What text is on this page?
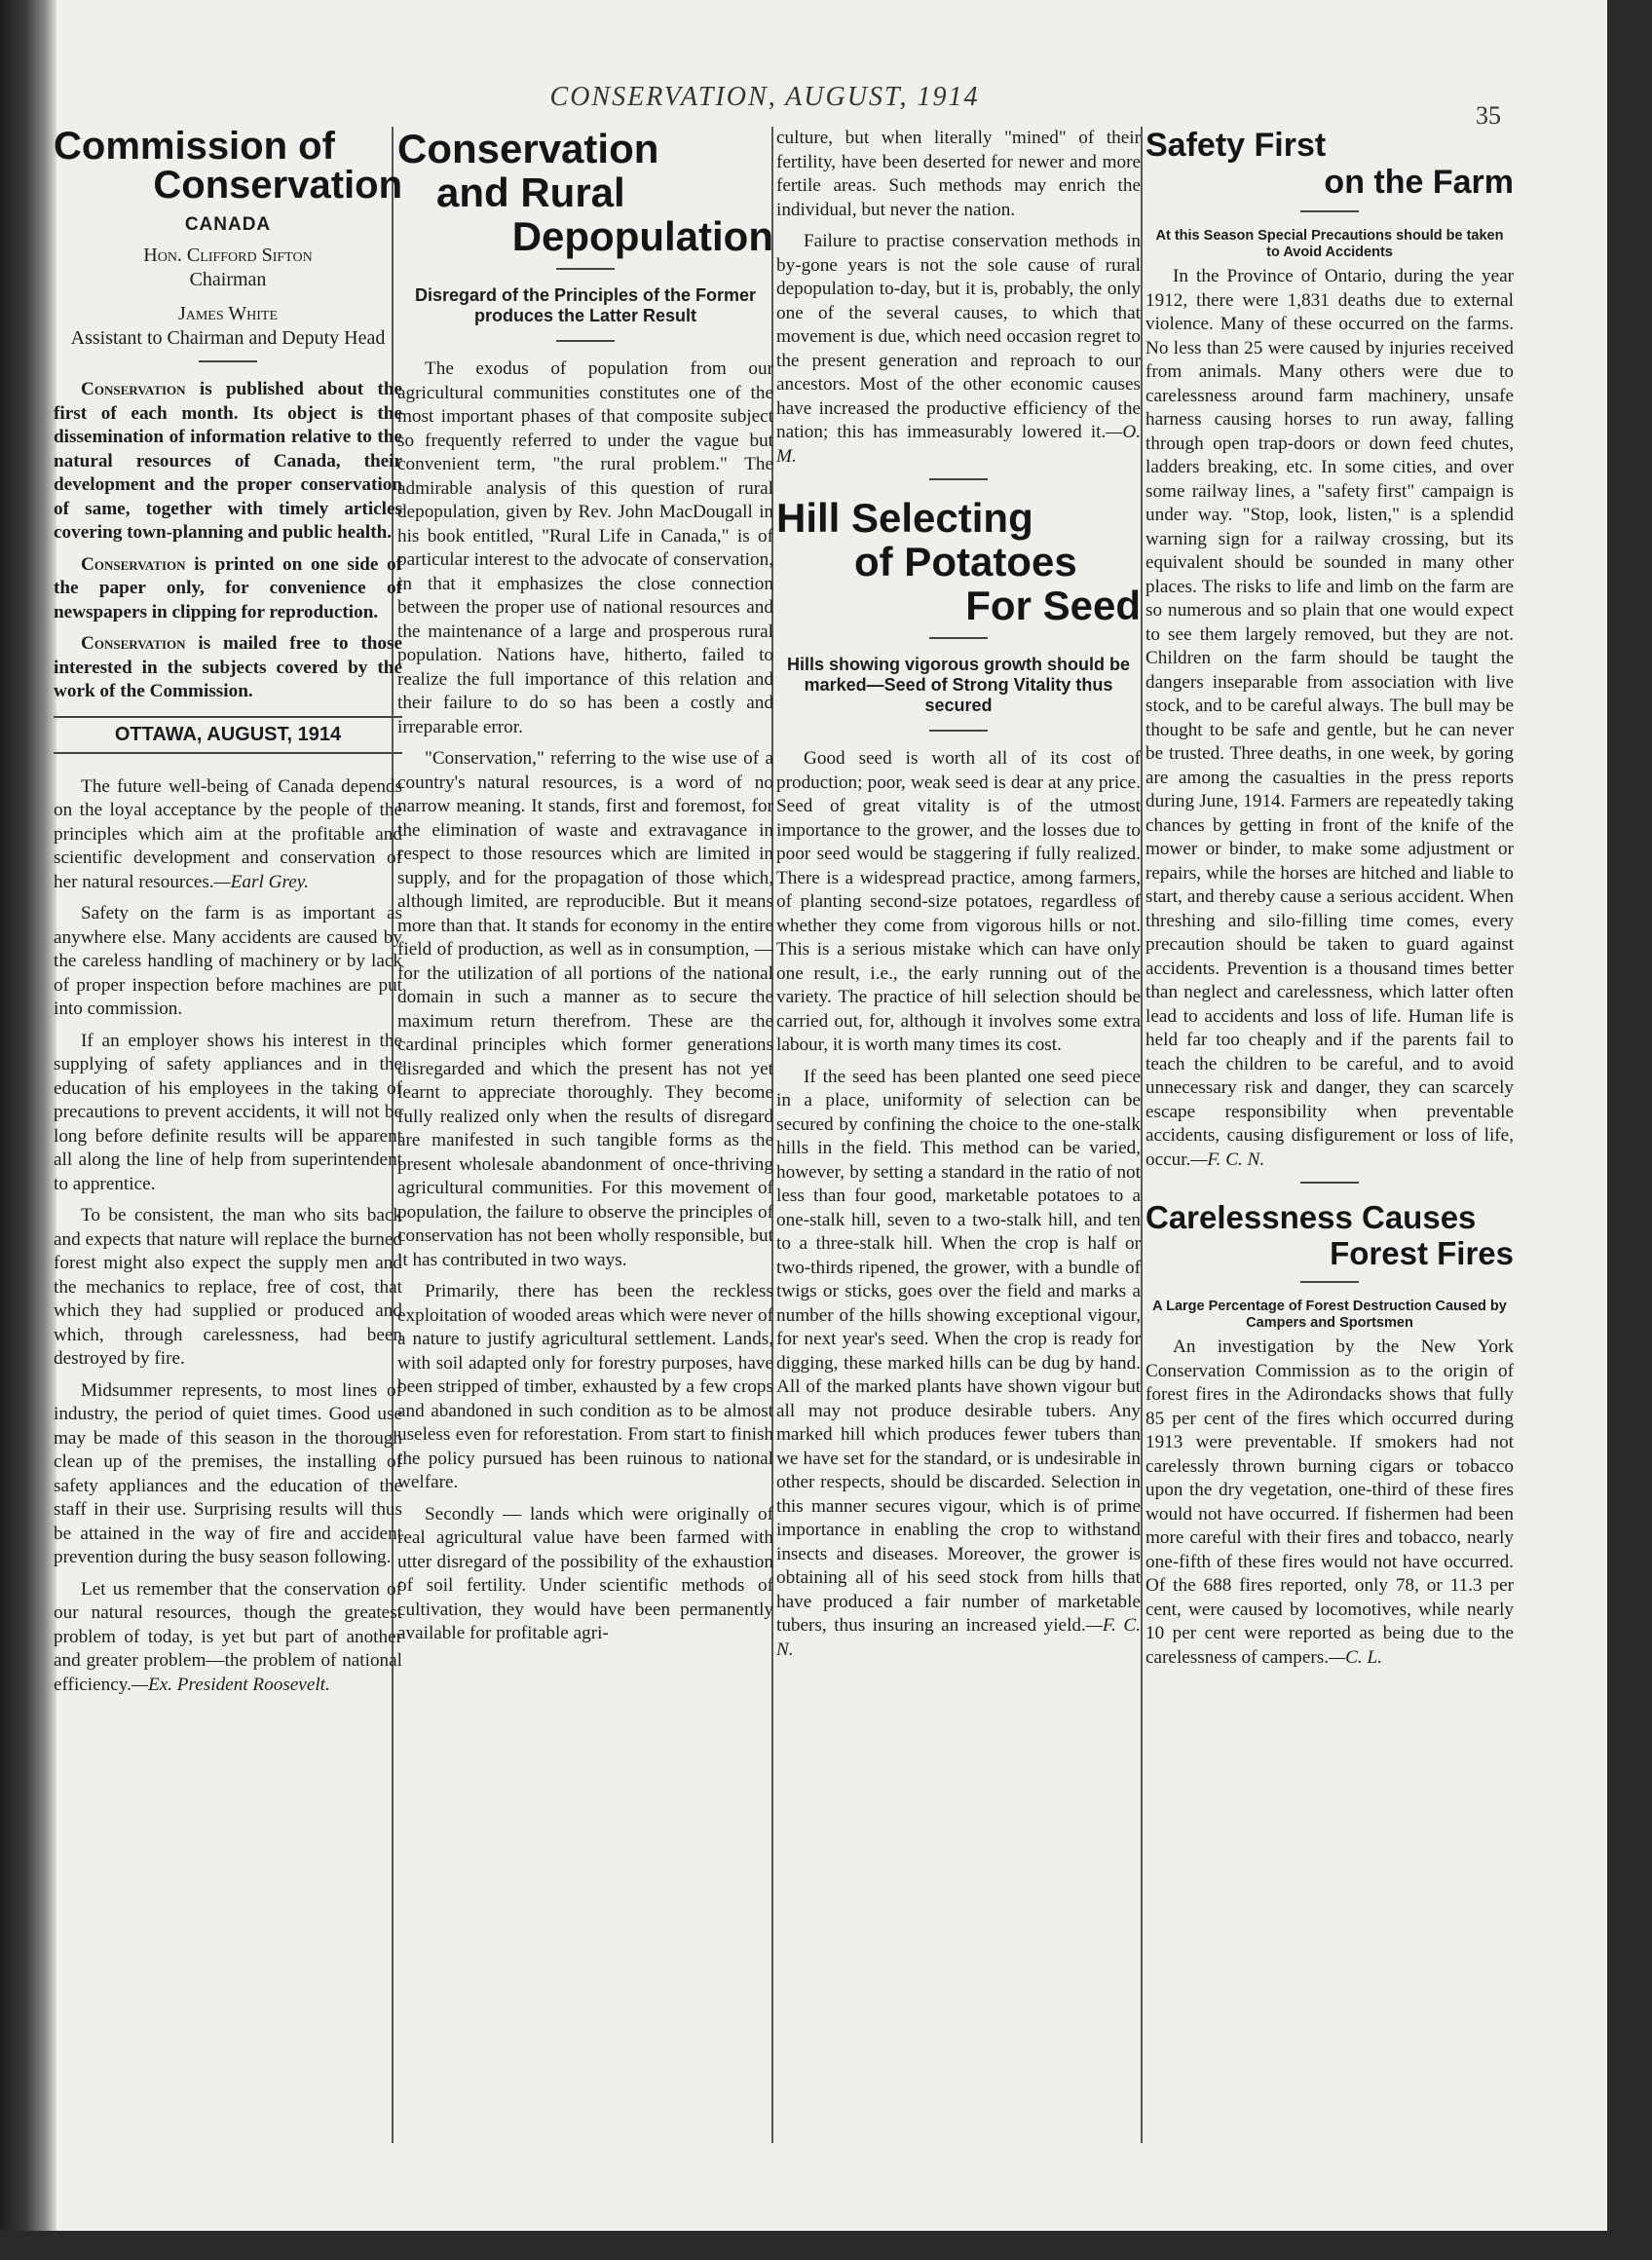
CONSERVATION, AUGUST, 1914
35
Commission of
Conservation
CANADA

Hon. Clifford Sifton

Chairman

James White

Assistant to Chairman and Deputy Head

Conservation is published about the first of each month. Its object is the dissemination of information relative to the natural resources of Canada, their development and the proper conservation of same, together with timely articles covering town-planning and public health.

Conservation is printed on one side of the paper only, for convenience of newspapers in clipping for reproduction.

Conservation is mailed free to those interested in the subjects covered by the work of the Commission.

OTTAWA, AUGUST, 1914

The future well-being of Canada depends on the loyal acceptance by the people of the principles which aim at the profitable and scientific development and conservation of her natural resources.—Earl Grey.

Safety on the farm is as important as anywhere else. Many accidents are caused by the careless handling of machinery or by lack of proper inspection before machines are put into commission.

If an employer shows his interest in the supplying of safety appliances and in the education of his employees in the taking of precautions to prevent accidents, it will not be long before definite results will be apparent all along the line of help from superintendent to apprentice.

To be consistent, the man who sits back and expects that nature will replace the burned forest might also expect the supply men and the mechanics to replace, free of cost, that which they had supplied or produced and which, through carelessness, had been destroyed by fire.

Midsummer represents, to most lines of industry, the period of quiet times. Good use may be made of this season in the thorough clean up of the premises, the installing of safety appliances and the education of the staff in their use. Surprising results will thus be attained in the way of fire and accident prevention during the busy season following.

Let us remember that the conservation of our natural resources, though the greatest problem of today, is yet but part of another and greater problem—the problem of national efficiency.—Ex. President Roosevelt.

Conservation
and Rural
Depopulation
Disregard of the Principles of the Former produces the Latter Result

The exodus of population from our agricultural communities constitutes one of the most important phases of that composite subject so frequently referred to under the vague but convenient term, "the rural problem." The admirable analysis of this question of rural depopulation, given by Rev. John MacDougall in his book entitled, "Rural Life in Canada," is of particular interest to the advocate of conservation, in that it emphasizes the close connection between the proper use of national resources and the maintenance of a large and prosperous rural population. Nations have, hitherto, failed to realize the full importance of this relation and their failure to do so has been a costly and irreparable error.

"Conservation," referring to the wise use of a country's natural resources, is a word of no narrow meaning. It stands, first and foremost, for the elimination of waste and extravagance in respect to those resources which are limited in supply, and for the propagation of those which, although limited, are reproducible. But it means more than that. It stands for economy in the entire field of production, as well as in consumption, —for the utilization of all portions of the national domain in such a manner as to secure the maximum return therefrom. These are the cardinal principles which former generations disregarded and which the present has not yet learnt to appreciate thoroughly. They become fully realized only when the results of disregard are manifested in such tangible forms as the present wholesale abandonment of once-thriving agricultural communities. For this movement of population, the failure to observe the principles of conservation has not been wholly responsible, but it has contributed in two ways.

Primarily, there has been the reckless exploitation of wooded areas which were never of a nature to justify agricultural settlement. Lands, with soil adapted only for forestry purposes, have been stripped of timber, exhausted by a few crops and abandoned in such condition as to be almost useless even for reforestation. From start to finish the policy pursued has been ruinous to national welfare.

Secondly — lands which were originally of real agricultural value have been farmed with utter disregard of the possibility of the exhaustion of soil fertility. Under scientific methods of cultivation, they would have been permanently available for profitable agri-

culture, but when literally "mined" of their fertility, have been deserted for newer and more fertile areas. Such methods may enrich the individual, but never the nation.

Failure to practise conservation methods in by-gone years is not the sole cause of rural depopulation to-day, but it is, probably, the only one of the several causes, to which that movement is due, which need occasion regret to the present generation and reproach to our ancestors. Most of the other economic causes have increased the productive efficiency of the nation; this has immeasurably lowered it.—O. M.

Hill Selecting
of Potatoes
For Seed
Hills showing vigorous growth should be marked—Seed of Strong Vitality thus secured

Good seed is worth all of its cost of production; poor, weak seed is dear at any price. Seed of great vitality is of the utmost importance to the grower, and the losses due to poor seed would be staggering if fully realized. There is a widespread practice, among farmers, of planting second-size potatoes, regardless of whether they come from vigorous hills or not. This is a serious mistake which can have only one result, i.e., the early running out of the variety. The practice of hill selection should be carried out, for, although it involves some extra labour, it is worth many times its cost.

If the seed has been planted one seed piece in a place, uniformity of selection can be secured by confining the choice to the one-stalk hills in the field. This method can be varied, however, by setting a standard in the ratio of not less than four good, marketable potatoes to a one-stalk hill, seven to a two-stalk hill, and ten to a three-stalk hill. When the crop is half or two-thirds ripened, the grower, with a bundle of twigs or sticks, goes over the field and marks a number of the hills showing exceptional vigour, for next year's seed. When the crop is ready for digging, these marked hills can be dug by hand. All of the marked plants have shown vigour but all may not produce desirable tubers. Any marked hill which produces fewer tubers than we have set for the standard, or is undesirable in other respects, should be discarded. Selection in this manner secures vigour, which is of prime importance in enabling the crop to withstand insects and diseases. Moreover, the grower is obtaining all of his seed stock from hills that have produced a fair number of marketable tubers, thus insuring an increased yield.—F. C. N.

Safety First
on the Farm
At this Season Special Precautions should be taken to Avoid Accidents

In the Province of Ontario, during the year 1912, there were 1,831 deaths due to external violence. Many of these occurred on the farms. No less than 25 were caused by injuries received from animals. Many others were due to carelessness around farm machinery, unsafe harness causing horses to run away, falling through open trap-doors or down feed chutes, ladders breaking, etc. In some cities, and over some railway lines, a "safety first" campaign is under way. "Stop, look, listen," is a splendid warning sign for a railway crossing, but its equivalent should be sounded in many other places. The risks to life and limb on the farm are so numerous and so plain that one would expect to see them largely removed, but they are not. Children on the farm should be taught the dangers inseparable from association with live stock, and to be careful always. The bull may be thought to be safe and gentle, but he can never be trusted. Three deaths, in one week, by goring are among the casualties in the press reports during June, 1914. Farmers are repeatedly taking chances by getting in front of the knife of the mower or binder, to make some adjustment or repairs, while the horses are hitched and liable to start, and thereby cause a serious accident. When threshing and silo-filling time comes, every precaution should be taken to guard against accidents. Prevention is a thousand times better than neglect and carelessness, which latter often lead to accidents and loss of life. Human life is held far too cheaply and if the parents fail to teach the children to be careful, and to avoid unnecessary risk and danger, they can scarcely escape responsibility when preventable accidents, causing disfigurement or loss of life, occur.—F. C. N.

Carelessness Causes
Forest Fires
A Large Percentage of Forest Destruction Caused by Campers and Sportsmen

An investigation by the New York Conservation Commission as to the origin of forest fires in the Adirondacks shows that fully 85 per cent of the fires which occurred during 1913 were preventable. If smokers had not carelessly thrown burning cigars or tobacco upon the dry vegetation, one-third of these fires would not have occurred. If fishermen had been more careful with their fires and tobacco, nearly one-fifth of these fires would not have occurred. Of the 688 fires reported, only 78, or 11.3 per cent, were caused by locomotives, while nearly 10 per cent were reported as being due to the carelessness of campers.—C. L.
